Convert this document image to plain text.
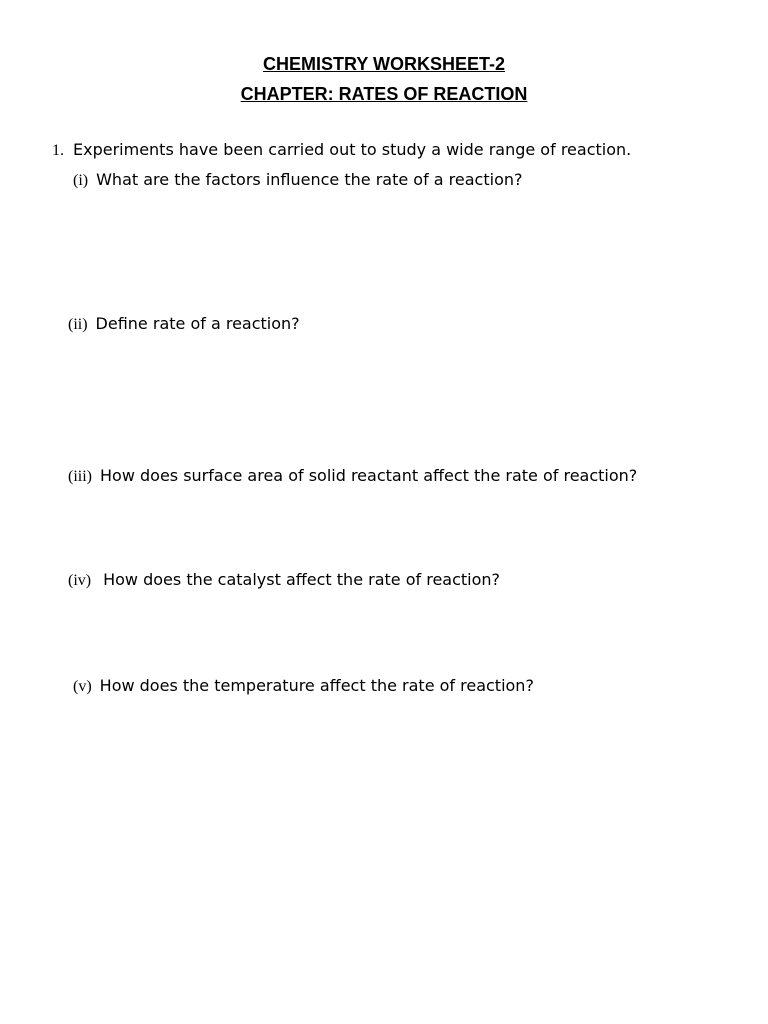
CHEMISTRY WORKSHEET-2
CHAPTER: RATES OF REACTION
1. Experiments have been carried out to study a wide range of reaction.
(i) What are the factors influence the rate of a reaction?
(ii) Define rate of a reaction?
(iii) How does surface area of solid reactant affect the rate of reaction?
(iv) How does the catalyst affect the rate of reaction?
(v) How does the temperature affect the rate of reaction?
